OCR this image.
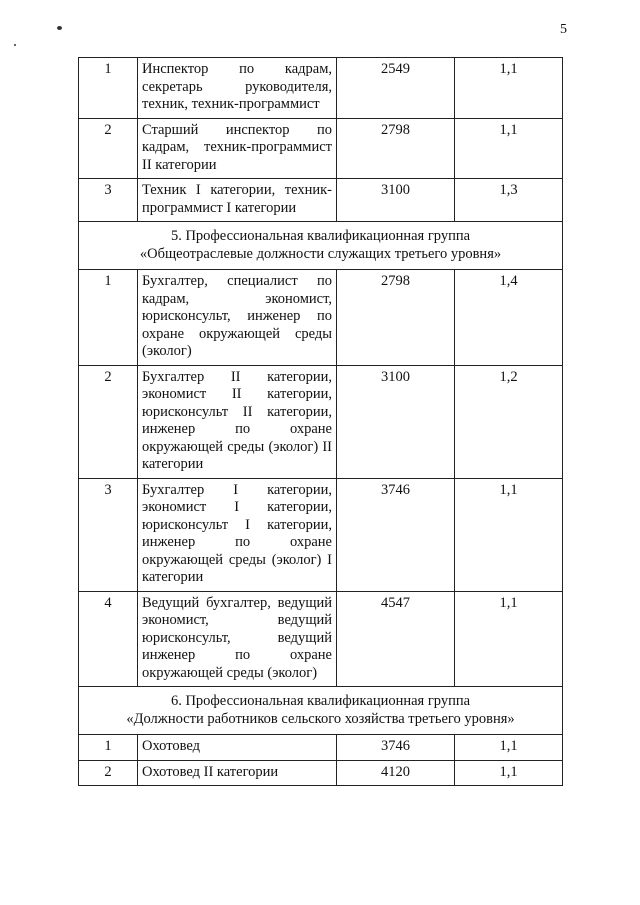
5
1	Инспектор по кадрам, секретарь руководителя, техник, техник-программист	2549	1,1
2	Старший инспектор по кадрам, техник-программист II категории	2798	1,1
3	Техник I категории, техник-программист I категории	3100	1,3

5. Профессиональная квалификационная группа
«Общеотраслевые должности служащих третьего уровня»			

1	Бухгалтер, специалист по кадрам, экономист, юрисконсульт, инженер по охране окружающей среды (эколог)	2798	1,4
2	Бухгалтер II категории, экономист II категории, юрисконсульт II категории, инженер по охране окружающей среды (эколог) II категории	3100	1,2
3	Бухгалтер I категории, экономист I категории, юрисконсульт I категории, инженер по охране окружающей среды (эколог) I категории	3746	1,1
4	Ведущий бухгалтер, ведущий экономист, ведущий юрисконсульт, ведущий инженер по охране окружающей среды (эколог)	4547	1,1

6. Профессиональная квалификационная группа
«Должности работников сельского хозяйства третьего уровня»			

1	Охотовед	3746	1,1
2	Охотовед II категории	4120	1,1
